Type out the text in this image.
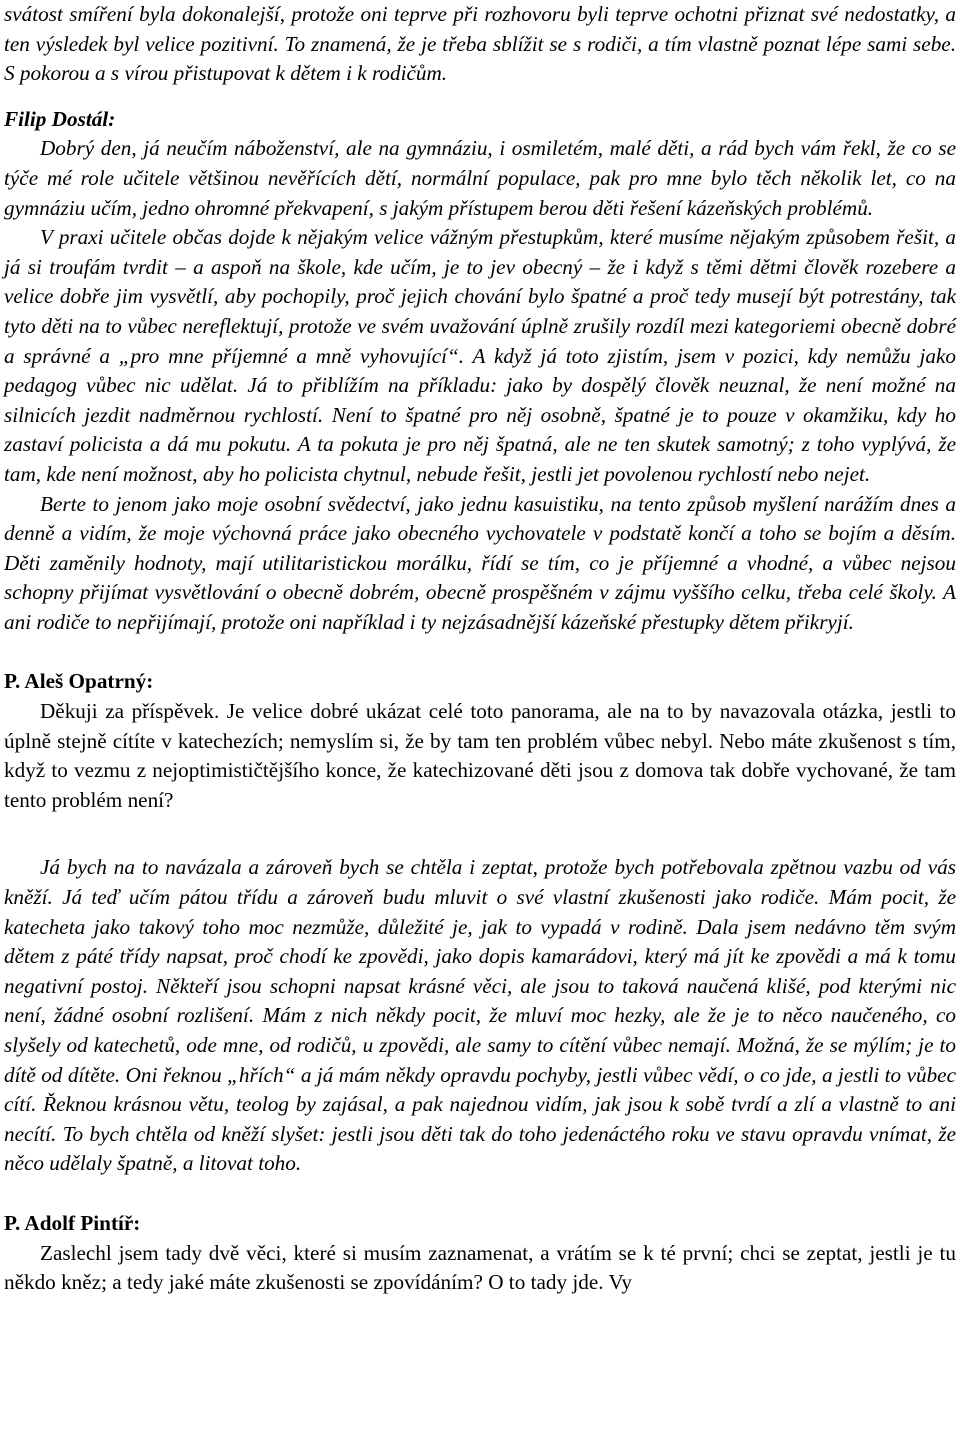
svátost smíření byla dokonalejší, protože oni teprve při rozhovoru byli teprve ochotni přiznat své nedostatky, a ten výsledek byl velice pozitivní. To znamená, že je třeba sblížit se s rodiči, a tím vlastně poznat lépe sami sebe. S pokorou a s vírou přistupovat k dětem i k rodičům.

Filip Dostál:

Dobrý den, já neučím náboženství, ale na gymnáziu, i osmiletém, malé děti, a rád bych vám řekl, že co se týče mé role učitele většinou nevěřících dětí, normální populace, pak pro mne bylo těch několik let, co na gymnáziu učím, jedno ohromné překvapení, s jakým přístupem berou děti řešení kázeňských problémů.

V praxi učitele občas dojde k nějakým velice vážným přestupkům, které musíme nějakým způsobem řešit, a já si troufám tvrdit – a aspoň na škole, kde učím, je to jev obecný – že i když s těmi dětmi člověk rozebere a velice dobře jim vysvětlí, aby pochopily, proč jejich chování bylo špatné a proč tedy musejí být potrestány, tak tyto děti na to vůbec nereflektují, protože ve svém uvažování úplně zrušily rozdíl mezi kategoriemi obecně dobré a správné a „pro mne příjemné a mně vyhovující“. A když já toto zjistím, jsem v pozici, kdy nemůžu jako pedagog vůbec nic udělat. Já to přiblížím na příkladu: jako by dospělý člověk neuznal, že není možné na silnicích jezdit nadměrnou rychlostí. Není to špatné pro něj osobně, špatné je to pouze v okamžiku, kdy ho zastaví policista a dá mu pokutu. A ta pokuta je pro něj špatná, ale ne ten skutek samotný; z toho vyplývá, že tam, kde není možnost, aby ho policista chytnul, nebude řešit, jestli jet povolenou rychlostí nebo nejet.

Berte to jenom jako moje osobní svědectví, jako jednu kasuistiku, na tento způsob myšlení narážím dnes a denně a vidím, že moje výchovná práce jako obecného vychovatele v podstatě končí a toho se bojím a děsím. Děti zaměnily hodnoty, mají utilitaristickou morálku, řídí se tím, co je příjemné a vhodné, a vůbec nejsou schopny přijímat vysvětlování o obecně dobrém, obecně prospěšném v zájmu vyššího celku, třeba celé školy. A ani rodiče to nepřijímají, protože oni například i ty nejzásadnější kázeňské přestupky dětem přikryjí.

P. Aleš Opatrný:

Děkuji za příspěvek. Je velice dobré ukázat celé toto panorama, ale na to by navazovala otázka, jestli to úplně stejně cítíte v katechezích; nemyslím si, že by tam ten problém vůbec nebyl. Nebo máte zkušenost s tím, když to vezmu z nejoptimističtějšího konce, že katechizované děti jsou z domova tak dobře vychované, že tam tento problém není?

Já bych na to navázala a zároveň bych se chtěla i zeptat, protože bych potřebovala zpětnou vazbu od vás kněží. Já teď učím pátou třídu a zároveň budu mluvit o své vlastní zkušenosti jako rodiče. Mám pocit, že katecheta jako takový toho moc nezmůže, důležité je, jak to vypadá v rodině. Dala jsem nedávno těm svým dětem z páté třídy napsat, proč chodí ke zpovědi, jako dopis kamarádovi, který má jít ke zpovědi a má k tomu negativní postoj. Někteří jsou schopni napsat krásné věci, ale jsou to taková naučená klišé, pod kterými nic není, žádné osobní rozlišení. Mám z nich někdy pocit, že mluví moc hezky, ale že je to něco naučeného, co slyšely od katechetů, ode mne, od rodičů, u zpovědi, ale samy to cítění vůbec nemají. Možná, že se mýlím; je to dítě od dítěte. Oni řeknou „hřích“ a já mám někdy opravdu pochyby, jestli vůbec vědí, o co jde, a jestli to vůbec cítí. Řeknou krásnou větu, teolog by zajásal, a pak najednou vidím, jak jsou k sobě tvrdí a zlí a vlastně to ani necítí. To bych chtěla od kněží slyšet: jestli jsou děti tak do toho jedenáctého roku ve stavu opravdu vnímat, že něco udělaly špatně, a litovat toho.

P. Adolf Pintíř:

Zaslechl jsem tady dvě věci, které si musím zaznamenat, a vrátím se k té první; chci se zeptat, jestli je tu někdo kněz; a tedy jaké máte zkušenosti se zpovídáním? O to tady jde. Vy
